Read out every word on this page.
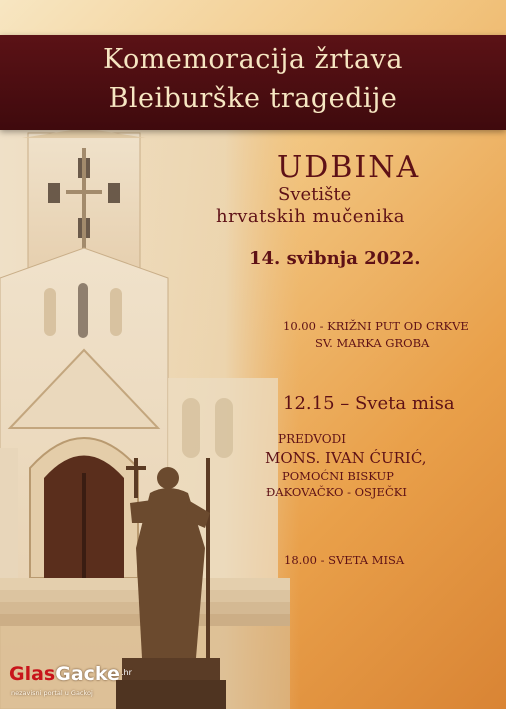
Komemoracija žrtava
Bleiburške tragedije
UDBINA
Svetište
hrvatskih mučenika
14. svibnja 2022.
10.00 - KRIŽNI PUT OD CRKVE
SV. MARKA GROBA
12.15 – Sveta misa
PREDVODI
MONS. IVAN ĆURIĆ,
POMOĆNI BISKUP
ĐAKOVAČKO - OSJEČKI
18.00 - SVETA MISA
GlasGacke .hr
nezavisni portal u Gackoj
